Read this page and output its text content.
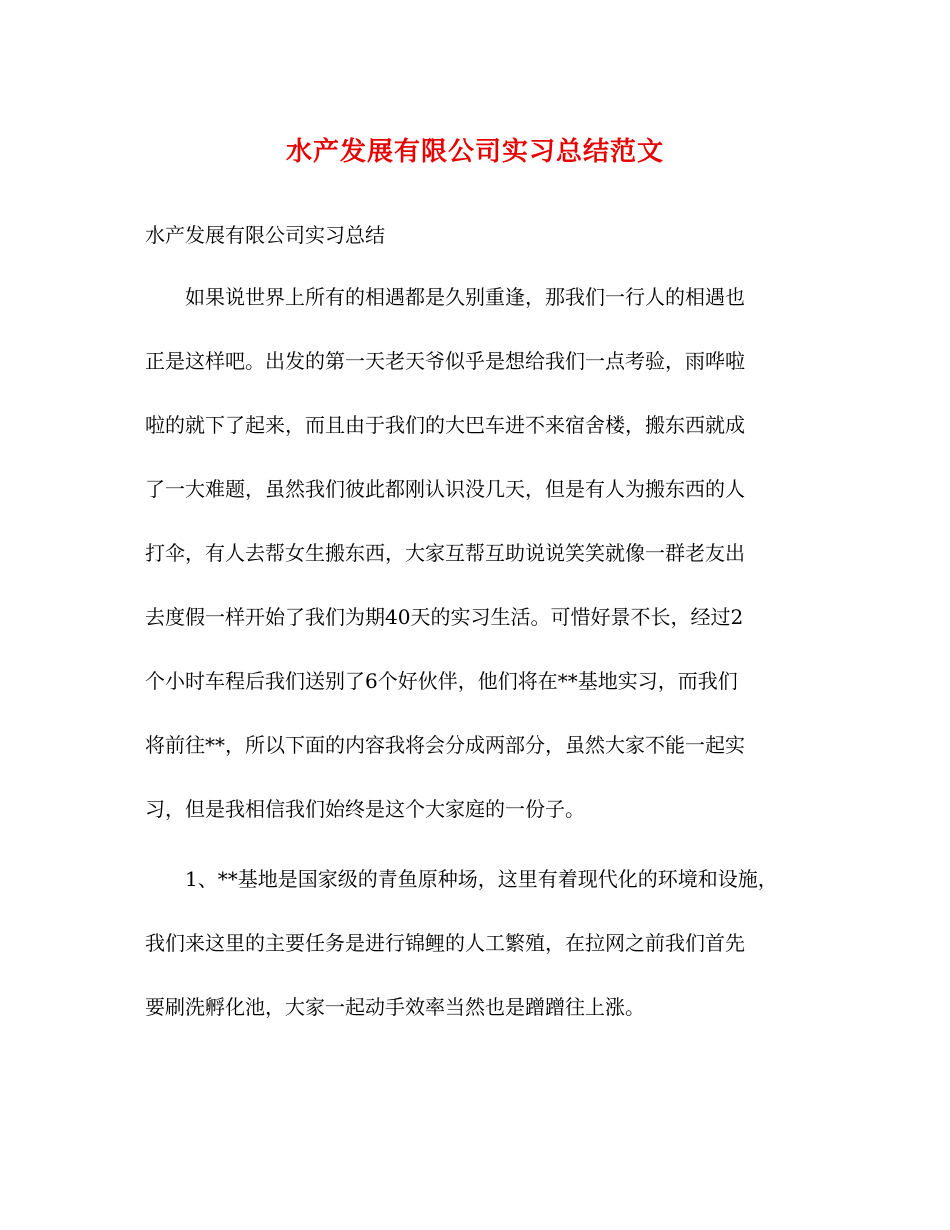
水产发展有限公司实习总结范文

水产发展有限公司实习总结

如果说世界上所有的相遇都是久别重逢，那我们一行人的相遇也

正是这样吧。出发的第一天老天爷似乎是想给我们一点考验，雨哗啦

啦的就下了起来，而且由于我们的大巴车进不来宿舍楼，搬东西就成

了一大难题，虽然我们彼此都刚认识没几天，但是有人为搬东西的人

打伞，有人去帮女生搬东西，大家互帮互助说说笑笑就像一群老友出

去度假一样开始了我们为期40天的实习生活。可惜好景不长，经过2

个小时车程后我们送别了6个好伙伴，他们将在**基地实习，而我们

将前往**，所以下面的内容我将会分成两部分，虽然大家不能一起实

习，但是我相信我们始终是这个大家庭的一份子。

1、**基地是国家级的青鱼原种场，这里有着现代化的环境和设施，

我们来这里的主要任务是进行锦鲤的人工繁殖，在拉网之前我们首先

要刷洗孵化池，大家一起动手效率当然也是蹭蹭往上涨。
